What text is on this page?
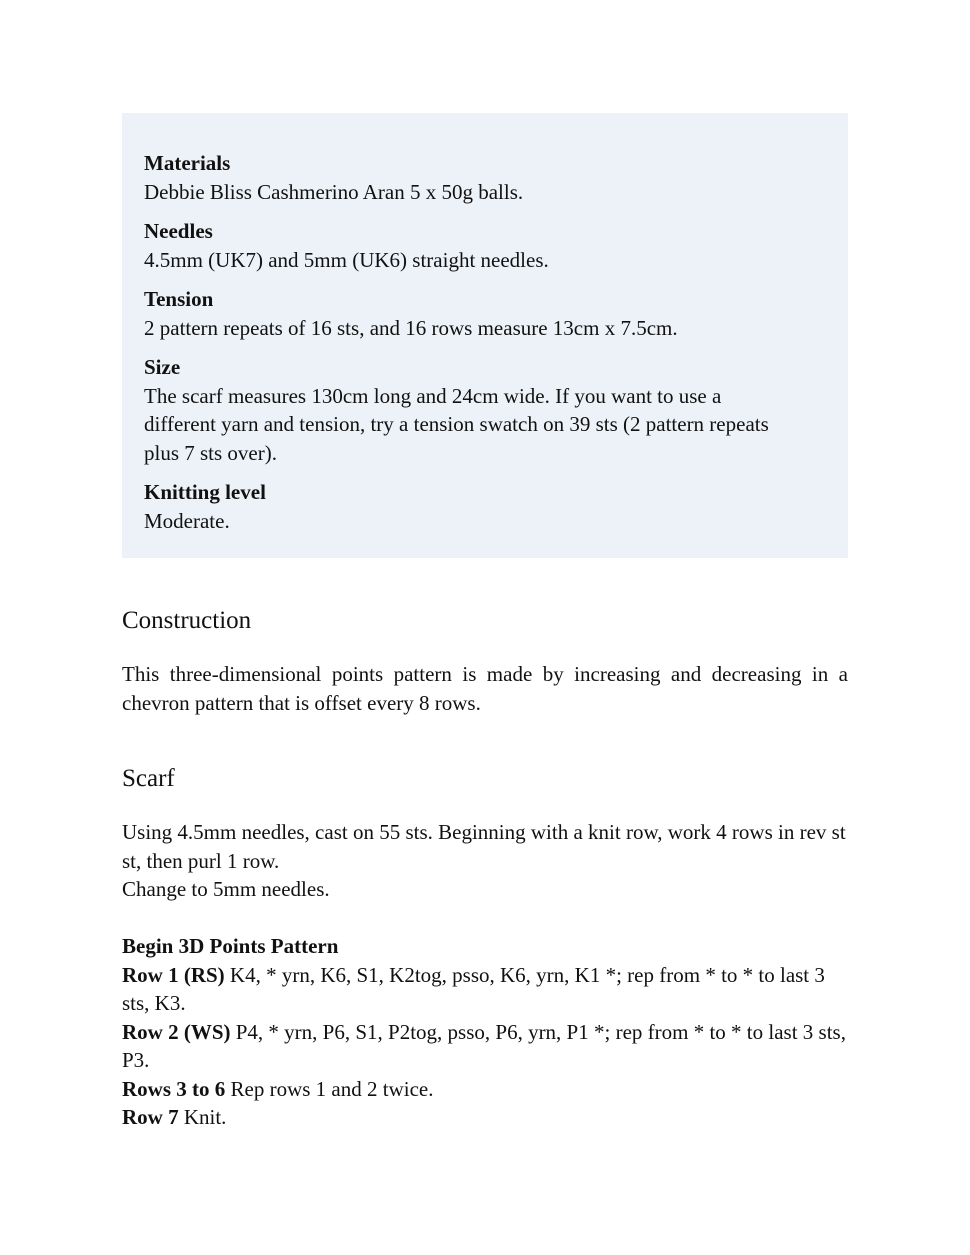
Materials

Debbie Bliss Cashmerino Aran 5 x 50g balls.

Needles

4.5mm (UK7) and 5mm (UK6) straight needles.

Tension

2 pattern repeats of 16 sts, and 16 rows measure 13cm x 7.5cm.

Size

The scarf measures 130cm long and 24cm wide. If you want to use a different yarn and tension, try a tension swatch on 39 sts (2 pattern repeats plus 7 sts over).

Knitting level

Moderate.

Construction

This three-dimensional points pattern is made by increasing and decreasing in a chevron pattern that is offset every 8 rows.

Scarf

Using 4.5mm needles, cast on 55 sts. Beginning with a knit row, work 4 rows in rev st st, then purl 1 row.

Change to 5mm needles.

Begin 3D Points Pattern

Row 1 (RS) K4, * yrn, K6, S1, K2tog, psso, K6, yrn, K1 *; rep from * to * to last 3 sts, K3.

Row 2 (WS) P4, * yrn, P6, S1, P2tog, psso, P6, yrn, P1 *; rep from * to * to last 3 sts, P3.

Rows 3 to 6 Rep rows 1 and 2 twice.

Row 7 Knit.
